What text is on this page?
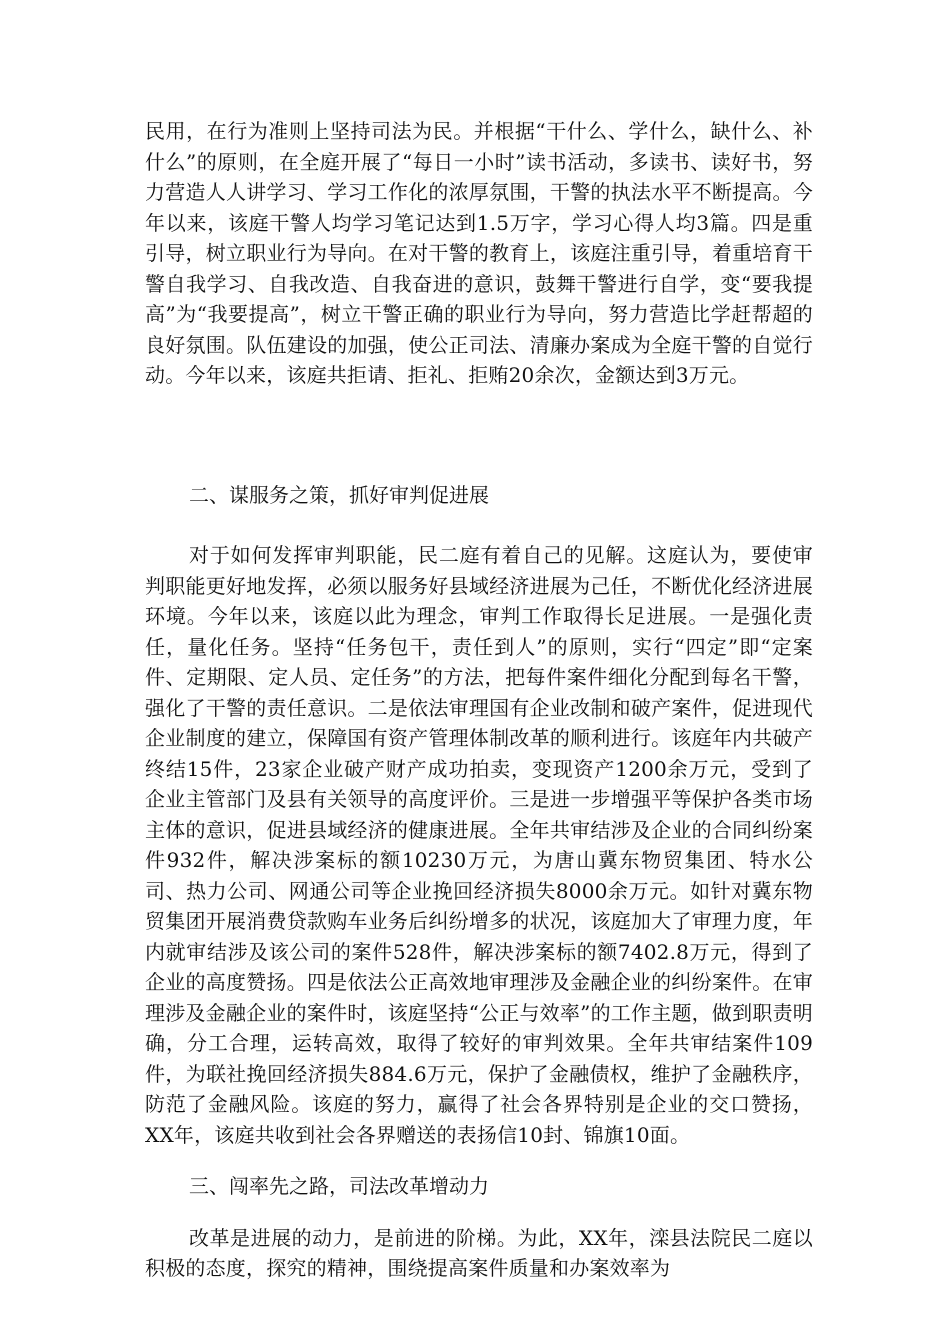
民用，在行为准则上坚持司法为民。并根据“干什么、学什么，缺什么、补什么”的原则，在全庭开展了“每日一小时”读书活动，多读书、读好书，努力营造人人讲学习、学习工作化的浓厚氛围，干警的执法水平不断提高。今年以来，该庭干警人均学习笔记达到1.5万字，学习心得人均3篇。四是重引导，树立职业行为导向。在对干警的教育上，该庭注重引导，着重培育干警自我学习、自我改造、自我奋进的意识，鼓舞干警进行自学，变“要我提高”为“我要提高”，树立干警正确的职业行为导向，努力营造比学赶帮超的良好氛围。队伍建设的加强，使公正司法、清廉办案成为全庭干警的自觉行动。今年以来，该庭共拒请、拒礼、拒贿20余次，金额达到3万元。

二、谋服务之策，抓好审判促进展

对于如何发挥审判职能，民二庭有着自己的见解。这庭认为，要使审判职能更好地发挥，必须以服务好县域经济进展为己任，不断优化经济进展环境。今年以来，该庭以此为理念，审判工作取得长足进展。一是强化责任，量化任务。坚持“任务包干，责任到人”的原则，实行“四定”即“定案件、定期限、定人员、定任务”的方法，把每件案件细化分配到每名干警，强化了干警的责任意识。二是依法审理国有企业改制和破产案件，促进现代企业制度的建立，保障国有资产管理体制改革的顺利进行。该庭年内共破产终结15件，23家企业破产财产成功拍卖，变现资产1200余万元，受到了企业主管部门及县有关领导的高度评价。三是进一步增强平等保护各类市场主体的意识，促进县域经济的健康进展。全年共审结涉及企业的合同纠纷案件932件，解决涉案标的额10230万元，为唐山冀东物贸集团、特水公司、热力公司、网通公司等企业挽回经济损失8000余万元。如针对冀东物贸集团开展消费贷款购车业务后纠纷增多的状况，该庭加大了审理力度，年内就审结涉及该公司的案件528件，解决涉案标的额7402.8万元，得到了企业的高度赞扬。四是依法公正高效地审理涉及金融企业的纠纷案件。在审理涉及金融企业的案件时，该庭坚持“公正与效率”的工作主题，做到职责明确，分工合理，运转高效，取得了较好的审判效果。全年共审结案件109件，为联社挽回经济损失884.6万元，保护了金融债权，维护了金融秩序，防范了金融风险。该庭的努力，赢得了社会各界特别是企业的交口赞扬，XX年，该庭共收到社会各界赠送的表扬信10封、锦旗10面。

三、闯率先之路，司法改革增动力

改革是进展的动力，是前进的阶梯。为此，XX年，滦县法院民二庭以积极的态度，探究的精神，围绕提高案件质量和办案效率为
